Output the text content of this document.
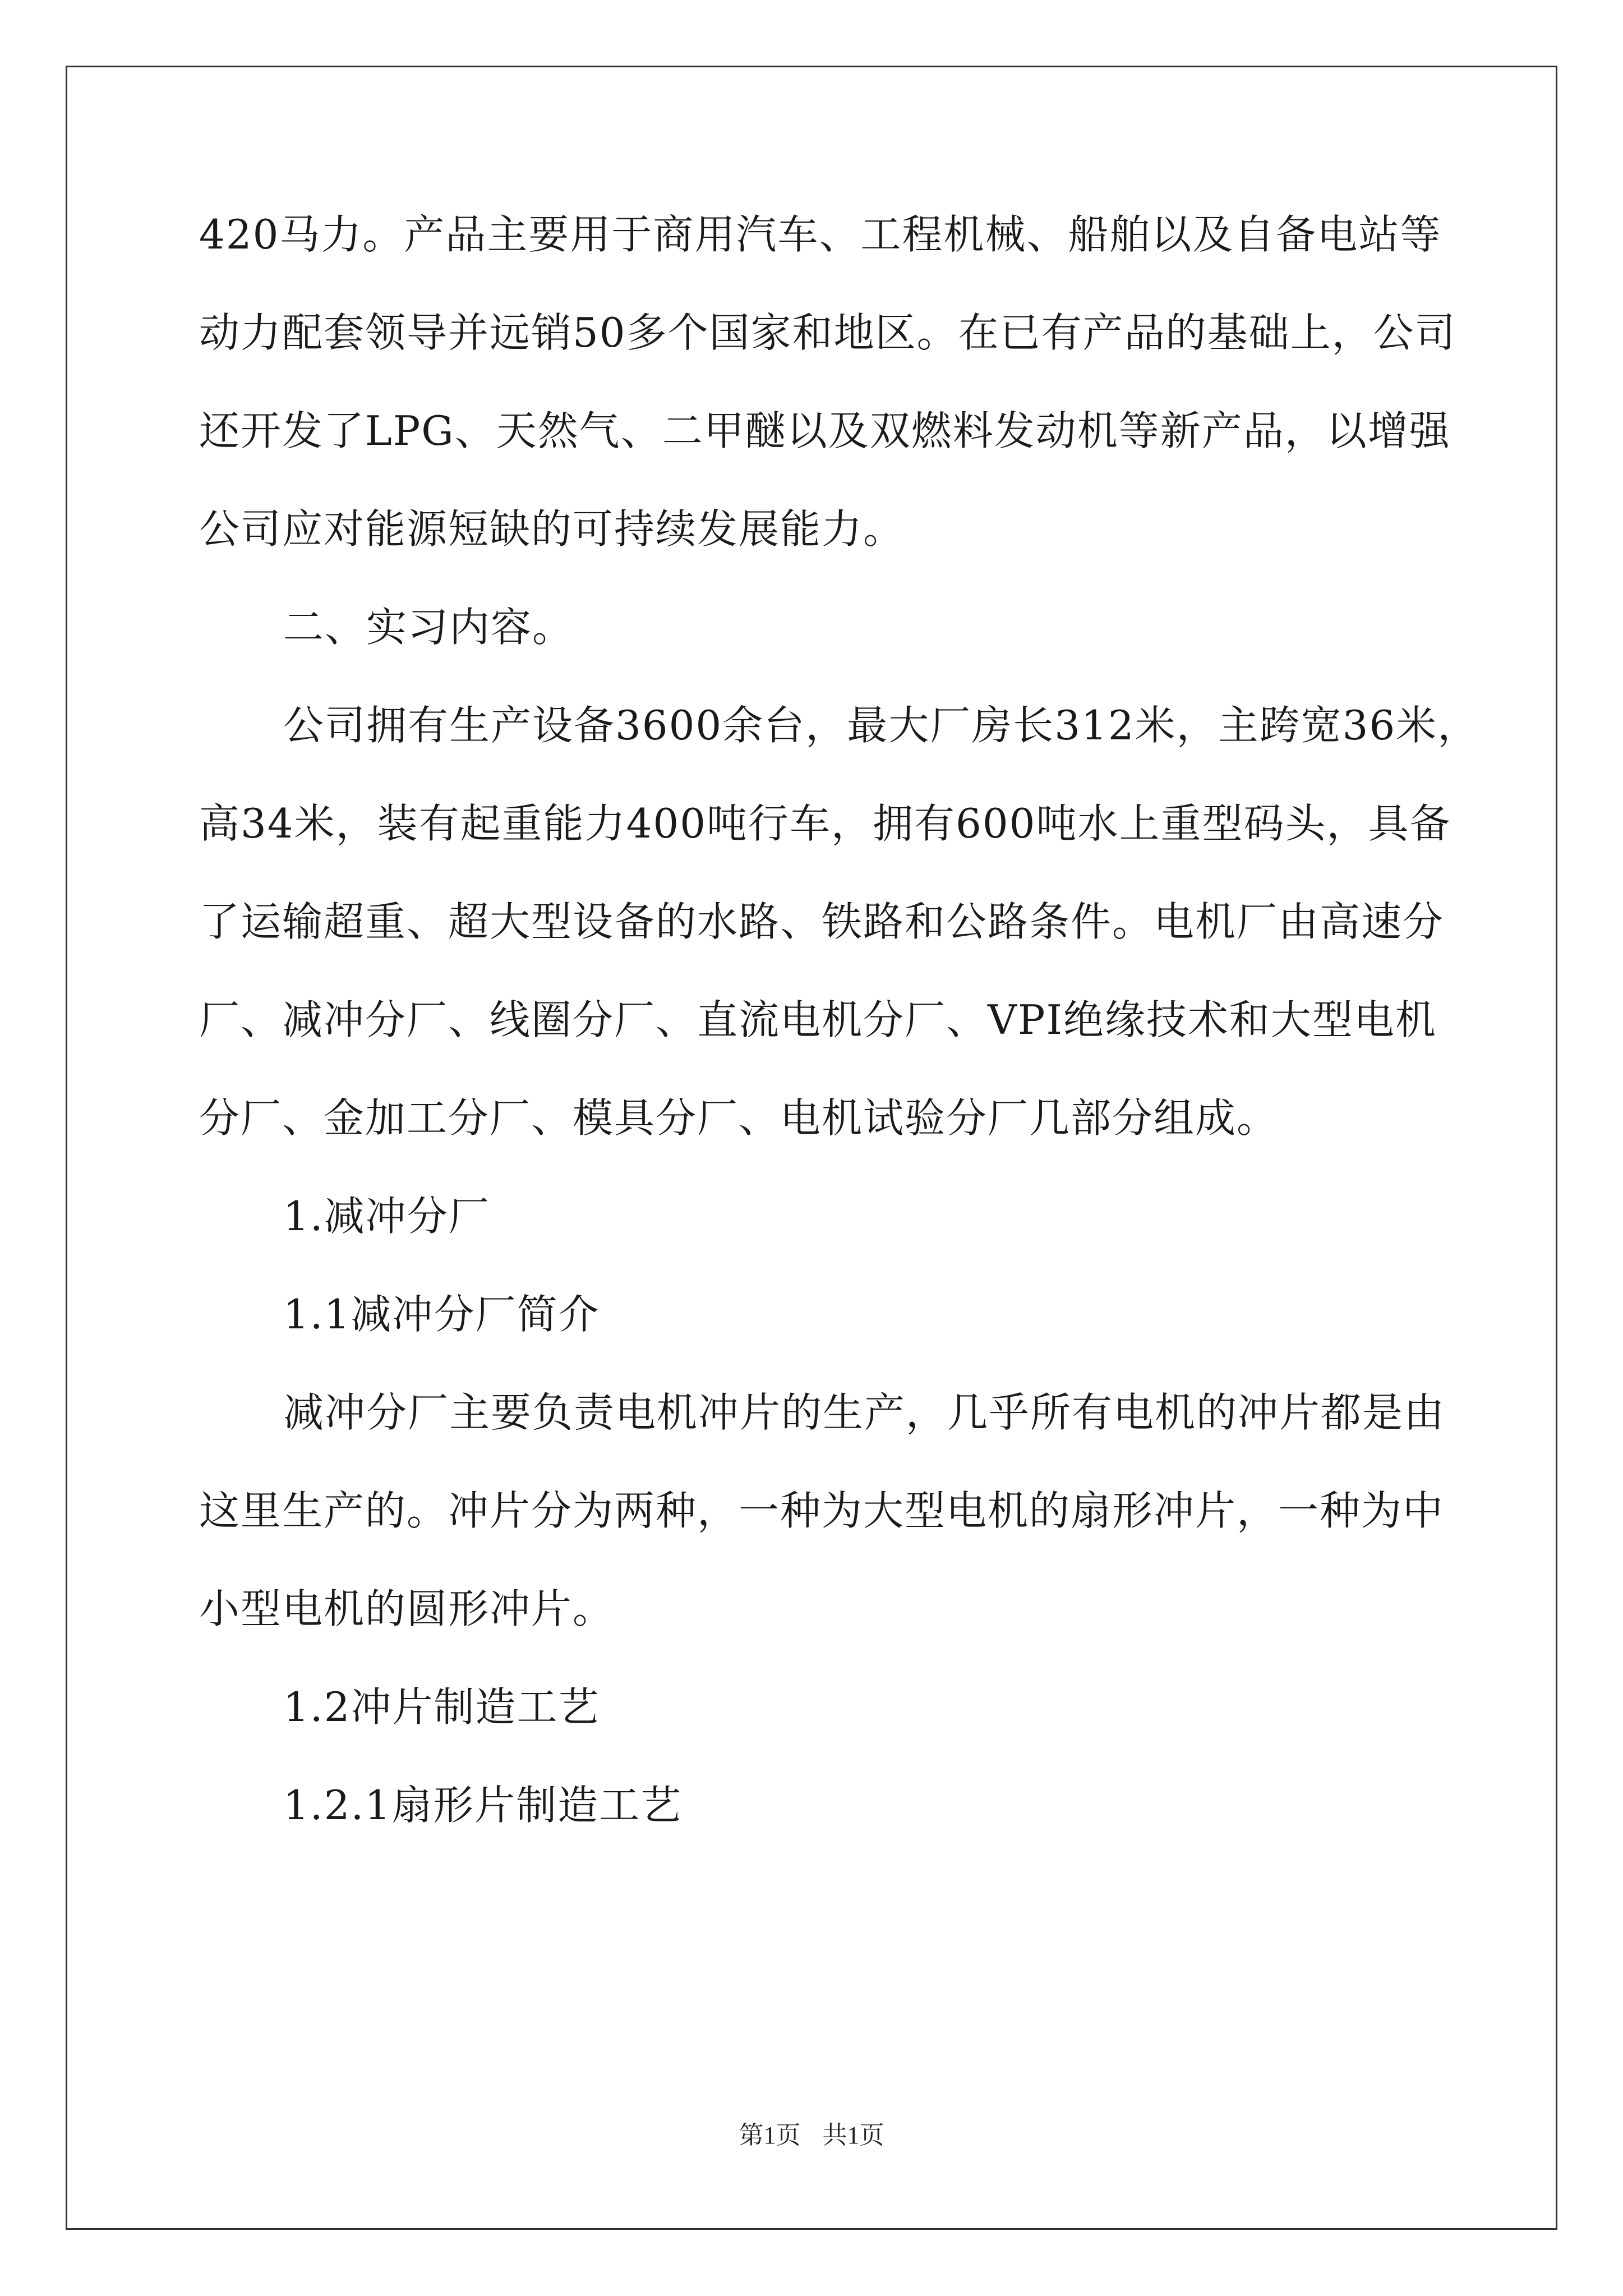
420马力。产品主要用于商用汽车、工程机械、船舶以及自备电站等
动力配套领导并远销50多个国家和地区。在已有产品的基础上，公司
还开发了LPG、天然气、二甲醚以及双燃料发动机等新产品，以增强
公司应对能源短缺的可持续发展能力。
二、实习内容。
公司拥有生产设备3600余台，最大厂房长312米，主跨宽36米，
高34米，装有起重能力400吨行车，拥有600吨水上重型码头，具备
了运输超重、超大型设备的水路、铁路和公路条件。电机厂由高速分
厂、减冲分厂、线圈分厂、直流电机分厂、VPI绝缘技术和大型电机
分厂、金加工分厂、模具分厂、电机试验分厂几部分组成。
1.减冲分厂
1.1减冲分厂简介
减冲分厂主要负责电机冲片的生产，几乎所有电机的冲片都是由
这里生产的。冲片分为两种，一种为大型电机的扇形冲片，一种为中
小型电机的圆形冲片。
1.2冲片制造工艺
1.2.1扇形片制造工艺
第1页 共1页
